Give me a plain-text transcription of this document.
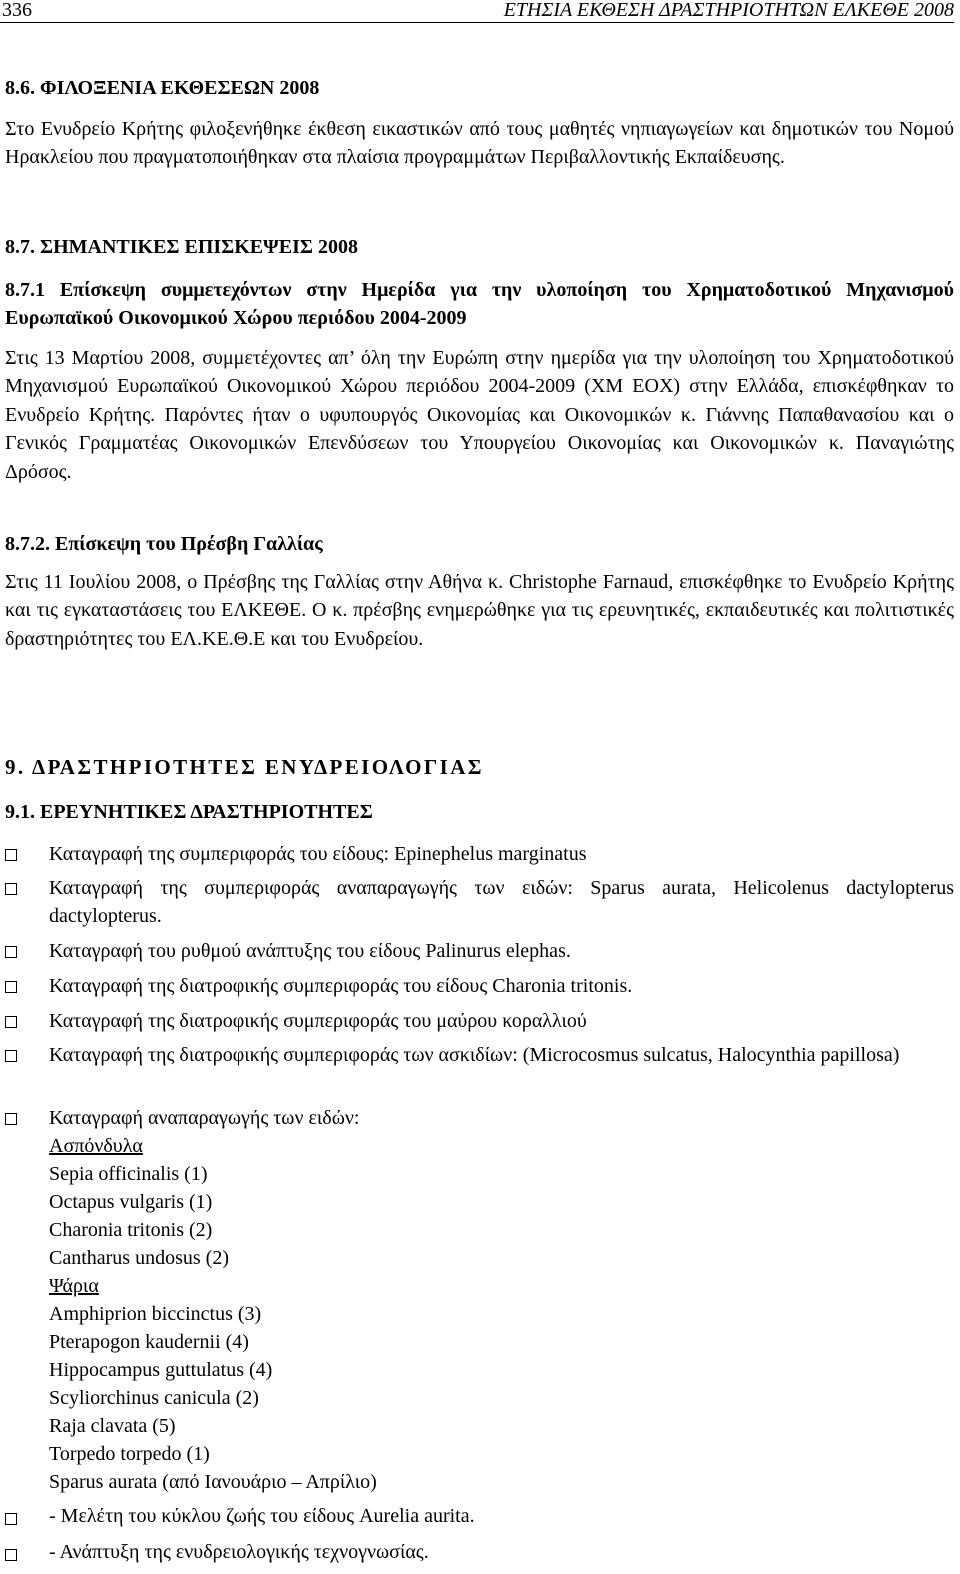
336	ΕΤΗΣΙΑ ΕΚΘΕΣΗ ΔΡΑΣΤΗΡΙΟΤΗΤΩΝ ΕΛΚΕΘΕ 2008
8.6. ΦΙΛΟΞΕΝΙΑ ΕΚΘΕΣΕΩΝ 2008

Στο Ενυδρείο Κρήτης φιλοξενήθηκε έκθεση εικαστικών από τους μαθητές νηπιαγωγείων και δημοτικών του Νομού Ηρακλείου που πραγματοποιήθηκαν στα πλαίσια προγραμμάτων Περιβαλλοντικής Εκπαίδευσης.

8.7. ΣΗΜΑΝΤΙΚΕΣ ΕΠΙΣΚΕΨΕΙΣ 2008

8.7.1 Επίσκεψη συμμετεχόντων στην Ημερίδα για την υλοποίηση του Χρηματοδοτικού Μηχανισμού Ευρωπαϊκού Οικονομικού Χώρου περιόδου 2004-2009

Στις 13 Μαρτίου 2008, συμμετέχοντες απ’ όλη την Ευρώπη στην ημερίδα για την υλοποίηση του Χρηματοδοτικού Μηχανισμού Ευρωπαϊκού Οικονομικού Χώρου περιόδου 2004-2009 (ΧΜ ΕΟΧ) στην Ελλάδα, επισκέφθηκαν το Ενυδρείο Κρήτης. Παρόντες ήταν ο υφυπουργός Οικονομίας και Οικονομικών κ. Γιάννης Παπαθανασίου και ο Γενικός Γραμματέας Οικονομικών Επενδύσεων του Υπουργείου Οικονομίας και Οικονομικών κ. Παναγιώτης Δρόσος.

8.7.2. Επίσκεψη του Πρέσβη Γαλλίας

Στις 11 Ιουλίου 2008, ο Πρέσβης της Γαλλίας στην Αθήνα κ. Christophe Farnaud, επισκέφθηκε το Ενυδρείο Κρήτης και τις εγκαταστάσεις του ΕΛΚΕΘΕ. Ο κ. πρέσβης ενημερώθηκε για τις ερευνητικές, εκπαιδευτικές και πολιτιστικές δραστηριότητες του ΕΛ.ΚΕ.Θ.Ε και του Ενυδρείου.

9. ΔΡΑΣΤΗΡΙΟΤΗΤΕΣ ΕΝΥΔΡΕΙΟΛΟΓΙΑΣ
9.1. ΕΡΕΥΝΗΤΙΚΕΣ ΔΡΑΣΤΗΡΙΟΤΗΤΕΣ
Καταγραφή της συμπεριφοράς του είδους: Epinephelus marginatus
Καταγραφή της συμπεριφοράς αναπαραγωγής των ειδών: Sparus aurata, Helicolenus dactylopterus dactylopterus.
Καταγραφή του ρυθμού ανάπτυξης του είδους Palinurus elephas.
Καταγραφή της διατροφικής συμπεριφοράς του είδους Charonia tritonis.
Καταγραφή της διατροφικής συμπεριφοράς του μαύρου κοραλλιού
Καταγραφή της διατροφικής συμπεριφοράς των ασκιδίων: (Microcosmus sulcatus, Halocynthia papillosa)
Καταγραφή αναπαραγωγής των ειδών:
Ασπόνδυλα
Sepia officinalis (1)
Octapus vulgaris (1)
Charonia tritonis (2)
Cantharus undosus (2)
Ψάρια
Amphiprion biccinctus (3)
Pterapogon kaudernii (4)
Hippocampus guttulatus (4)
Scyliorchinus canicula (2)
Raja clavata (5)
Torpedo torpedo (1)
Sparus aurata (από Ιανουάριο – Απρίλιο)
- Μελέτη του κύκλου ζωής του είδους Aurelia aurita.
- Ανάπτυξη της ενυδρειολογικής τεχνογνωσίας.
